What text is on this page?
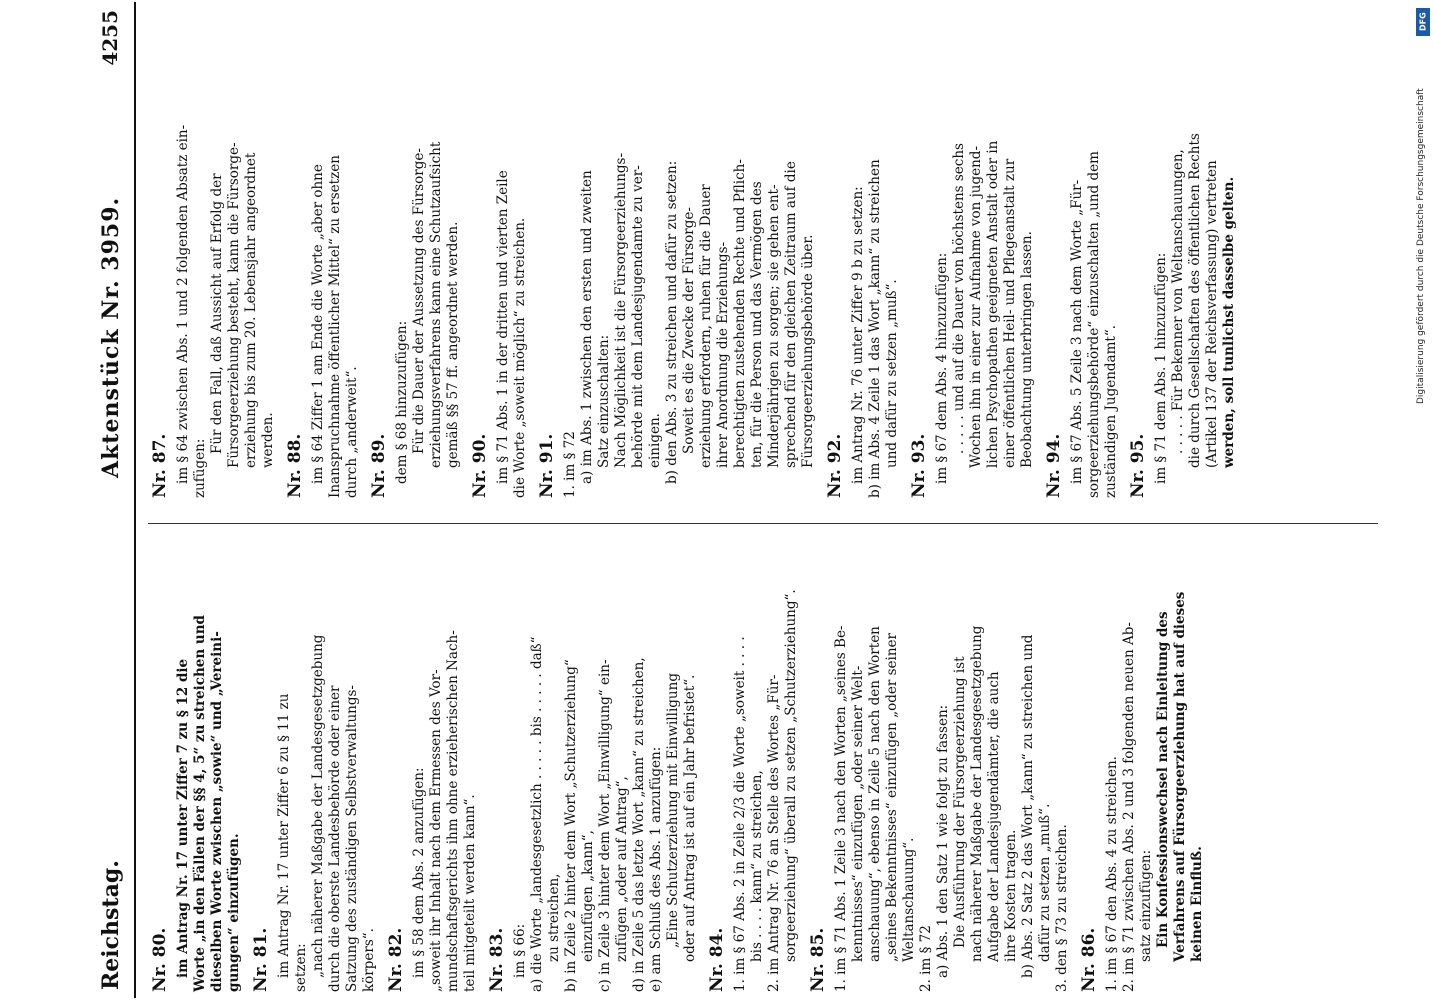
Reichstag.
Aktenstück Nr. 3959.
4255
Nr. 80. im Antrag Nr. 17 unter Ziffer 7 zu § 12 die Worte „in den Fällen der §§ 4, 5“ zu streichen und dieselben Worte zwischen „sowie“ und „Vereini- gungen“ einzufügen. Nr. 81. im Antrag Nr. 17 unter Ziffer 6 zu § 11 zu setzen: „nach näherer Maßgabe der Landesgesetzgebung durch die oberste Landesbehörde oder einer Satzung des zuständigen Selbstverwaltungs- körpers“. Nr. 82. im § 58 dem Abs. 2 anzufügen: „soweit ihr Inhalt nach dem Ermessen des Vor- mundschaftsgerichts ihm ohne erzieherischen Nach- teil mitgeteilt werden kann“. Nr. 83. im § 66: a) die Worte „landesgesetzlich . . . . . bis . . . . . daß“ zu streichen, b) in Zeile 2 hinter dem Wort „Schutzerziehung“ einzufügen „kann“, c) in Zeile 3 hinter dem Wort „Einwilligung“ ein- zufügen „oder auf Antrag“, d) in Zeile 5 das letzte Wort „kann“ zu streichen, e) am Schluß des Abs. 1 anzufügen: „Eine Schutzerziehung mit Einwilligung oder auf Antrag ist auf ein Jahr befristet“. Nr. 84. 1. im § 67 Abs. 2 in Zeile 2/3 die Worte „soweit . . . . bis . . . . kann“ zu streichen, 2. im Antrag Nr. 76 an Stelle des Wortes „Für- sorgeerziehung“ überall zu setzen „Schutzerziehung“. Nr. 85. 1. im § 71 Abs. 1 Zeile 3 nach den Worten „seines Be- kenntnisses“ einzufügen „oder seiner Welt- anschauung“, ebenso in Zeile 5 nach den Worten „seines Bekenntnisses“ einzufügen „oder seiner Weltanschauung“. 2. im § 72 a) Abs. 1 den Satz 1 wie folgt zu fassen: Die Ausführung der Fürsorgeerziehung ist nach näherer Maßgabe der Landesgesetzgebung Aufgabe der Landesjugendämter, die auch ihre Kosten tragen. b) Abs. 2 Satz 2 das Wort „kann“ zu streichen und dafür zu setzen „muß“. 3. den § 73 zu streichen. Nr. 86. 1. im § 67 den Abs. 4 zu streichen. 2. im § 71 zwischen Abs. 2 und 3 folgenden neuen Ab- satz einzufügen: Ein Konfessionswechsel nach Einleitung des Verfahrens auf Fürsorgeerziehung hat auf dieses keinen Einfluß.
Nr. 87. im § 64 zwischen Abs. 1 und 2 folgenden Absatz ein- zufügen:
Für den Fall, daß Aussicht auf Erfolg der Fürsorgeerziehung besteht, kann die Fürsorge- erziehung bis zum 20. Lebensjahr angeordnet werden. Nr. 88. im § 64 Ziffer 1 am Ende die Worte „aber ohne Inanspruchnahme öffentlicher Mittel“ zu ersetzen durch „anderweit“. Nr. 89. dem § 68 hinzuzufügen: Für die Dauer der Aussetzung des Fürsorge- erziehungsverfahrens kann eine Schutzaufsicht gemäß §§ 57 ff. angeordnet werden. Nr. 90. im § 71 Abs. 1 in der dritten und vierten Zeile die Worte „soweit möglich“ zu streichen. Nr. 91. 1. im § 72 a) im Abs. 1 zwischen den ersten und zweiten Satz einzuschalten: Nach Möglichkeit ist die Fürsorgeerziehungs- behörde mit dem Landesjugendamte zu ver- einigen. b) den Abs. 3 zu streichen und dafür zu setzen: Soweit es die Zwecke der Fürsorge- erziehung erfordern, ruhen für die Dauer ihrer Anordnung die Erziehungs- berechtigten zustehenden Rechte und Pflich- ten, für die Person und das Vermögen des Minderjährigen zu sorgen; sie gehen ent- sprechend für den gleichen Zeitraum auf die Fürsorgeerziehungsbehörde über. Nr. 92. im Antrag Nr. 76 unter Ziffer 9 b zu setzen: b) im Abs. 4 Zeile 1 das Wort „kann“ zu streichen und dafür zu setzen „muß“. Nr. 93. im § 67 dem Abs. 4 hinzuzufügen: . . . . . und auf die Dauer von höchstens sechs Wochen ihn in einer zur Aufnahme von jugend- lichen Psychopathen geeigneten Anstalt oder in einer öffentlichen Heil- und Pflegeanstalt zur Beobachtung unterbringen lassen. Nr. 94. im § 67 Abs. 5 Zeile 3 nach dem Worte „Für- sorgeerziehungsbehörde“ einzuschalten „und dem zuständigen Jugendamt“. Nr. 95. im § 71 dem Abs. 1 hinzuzufügen: . . . . . Für Bekenner von Weltanschauungen, die durch Gesellschaften des öffentlichen Rechts (Artikel 137 der Reichsverfassung) vertreten werden, soll tunlichst dasselbe gelten.
DFG
Digitalisierung gefördert durch die Deutsche Forschungsgemeinschaft
